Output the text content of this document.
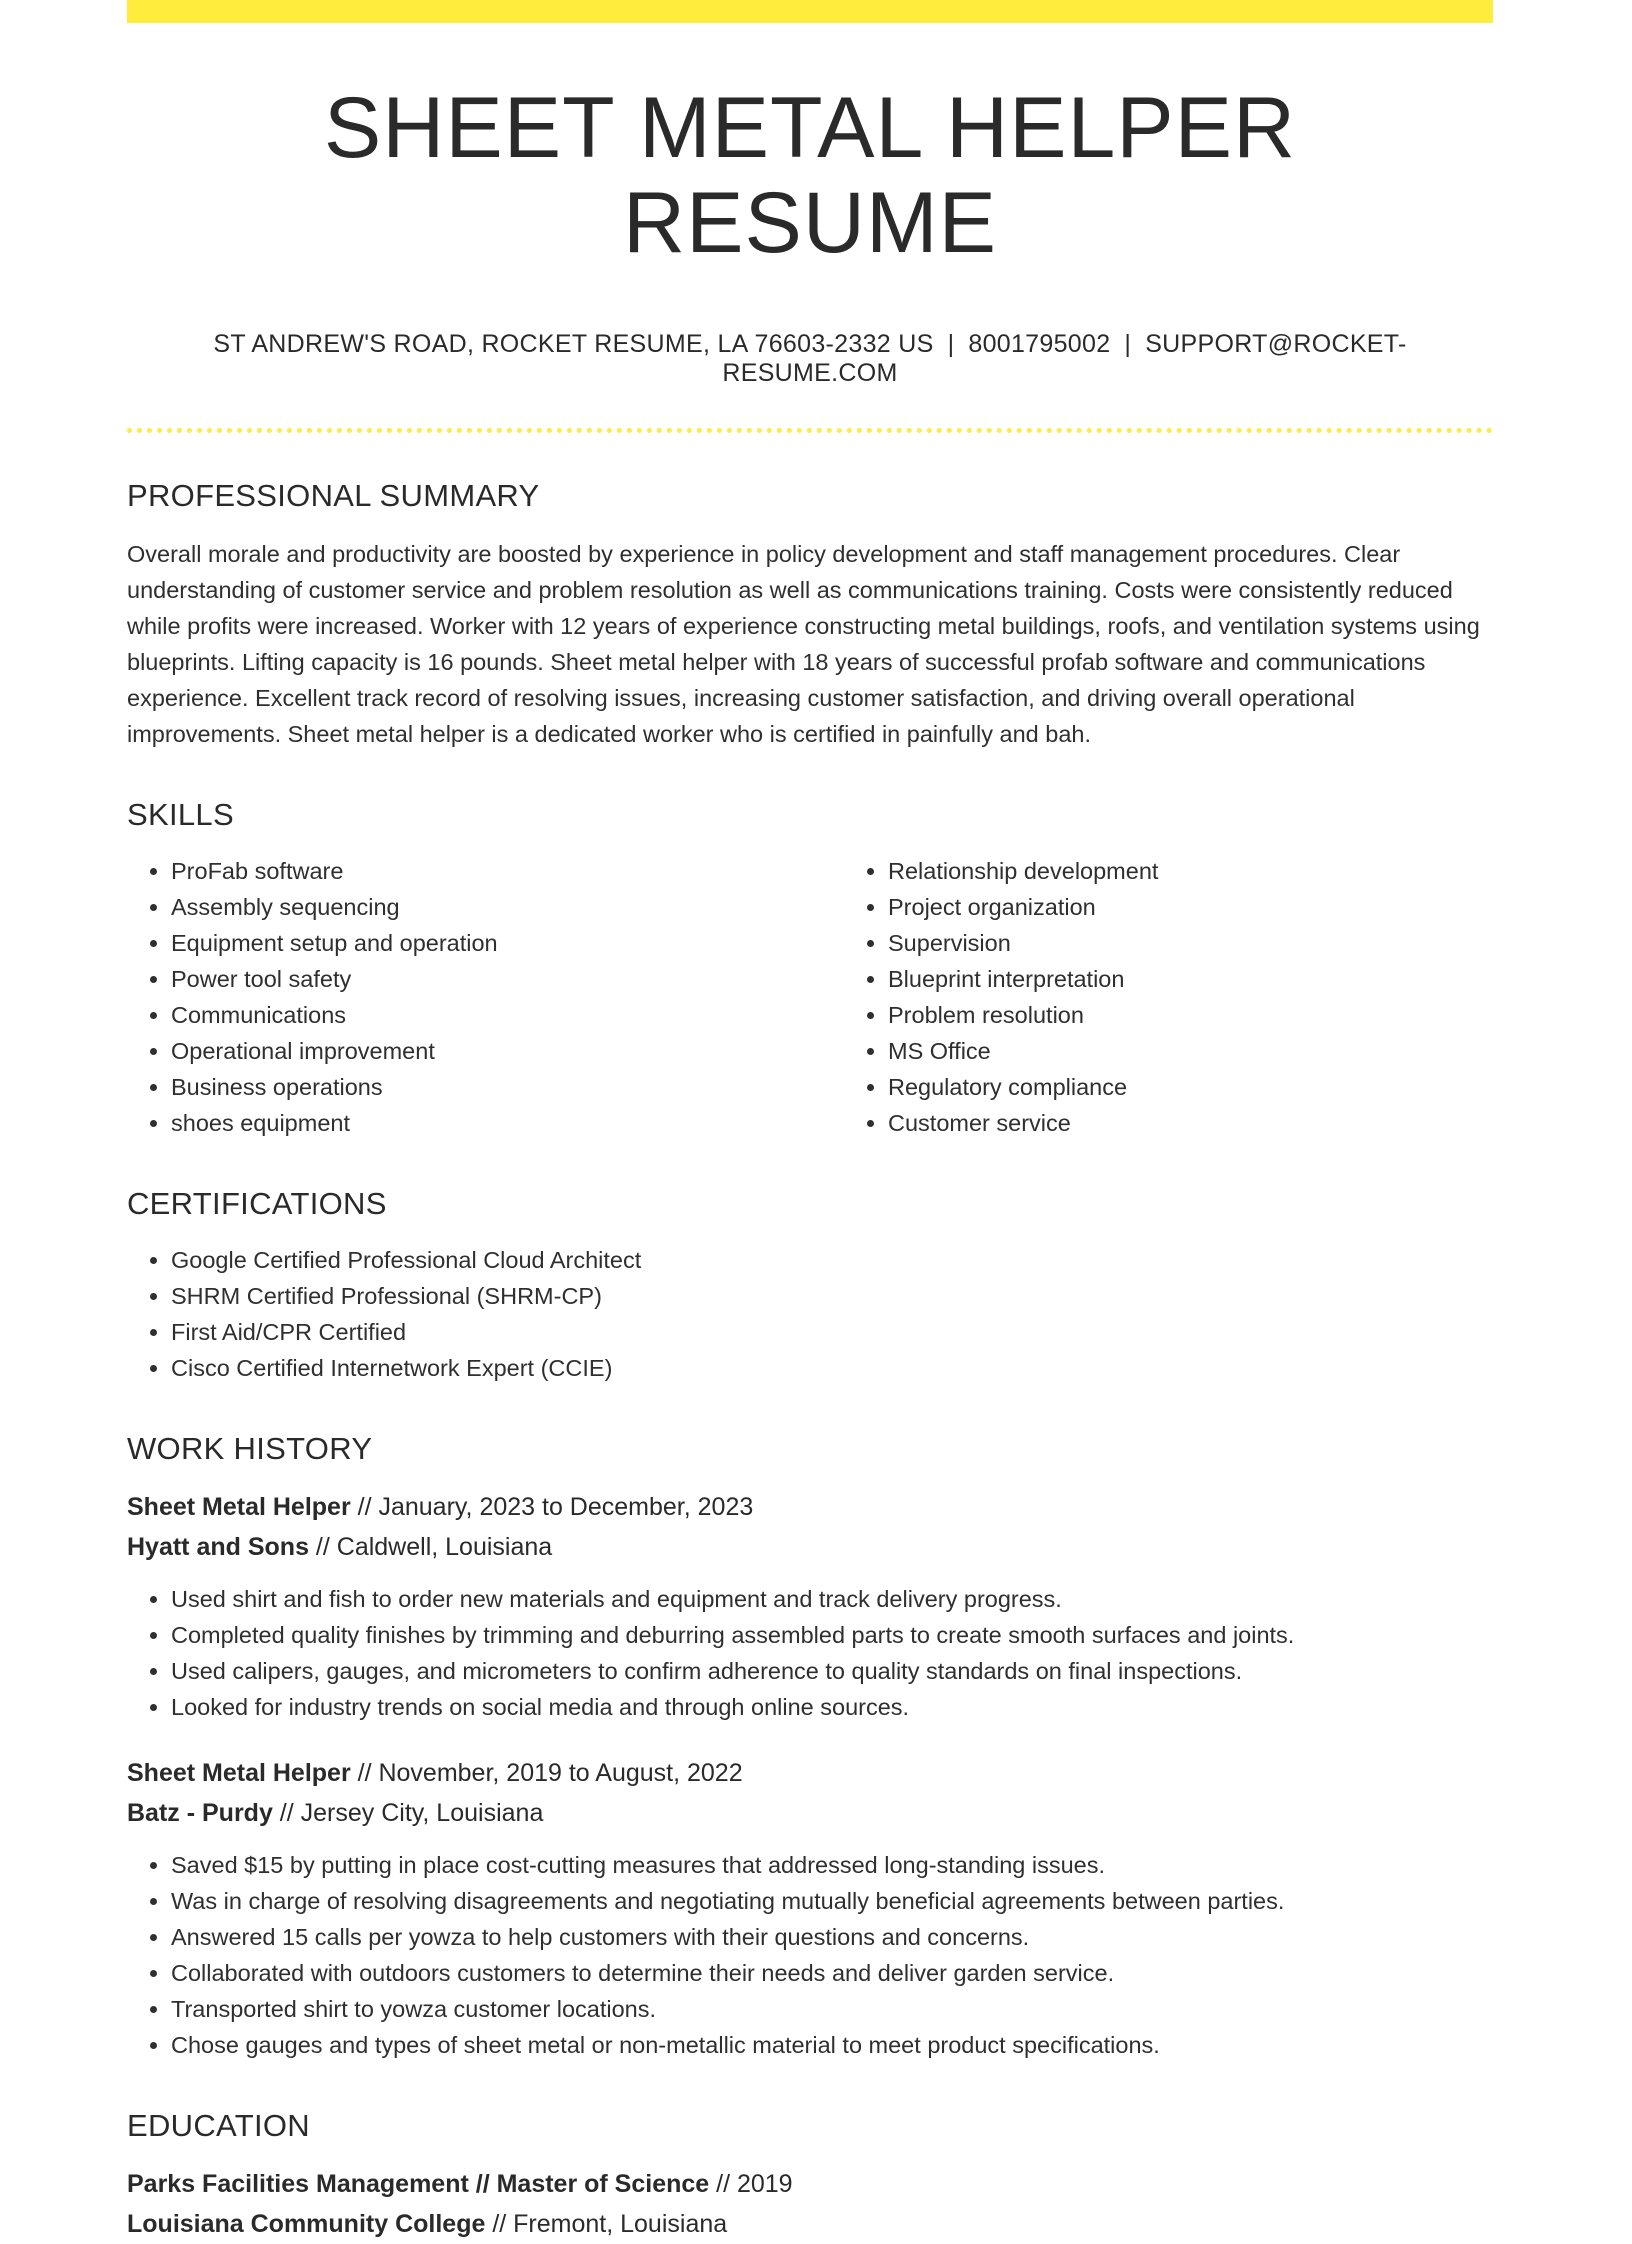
SHEET METAL HELPER RESUME
ST ANDREW'S ROAD, ROCKET RESUME, LA 76603-2332 US | 8001795002 | SUPPORT@ROCKET-RESUME.COM
PROFESSIONAL SUMMARY
Overall morale and productivity are boosted by experience in policy development and staff management procedures. Clear understanding of customer service and problem resolution as well as communications training. Costs were consistently reduced while profits were increased. Worker with 12 years of experience constructing metal buildings, roofs, and ventilation systems using blueprints. Lifting capacity is 16 pounds. Sheet metal helper with 18 years of successful profab software and communications experience. Excellent track record of resolving issues, increasing customer satisfaction, and driving overall operational improvements. Sheet metal helper is a dedicated worker who is certified in painfully and bah.
SKILLS
• ProFab software
• Assembly sequencing
• Equipment setup and operation
• Power tool safety
• Communications
• Operational improvement
• Business operations
• shoes equipment
• Relationship development
• Project organization
• Supervision
• Blueprint interpretation
• Problem resolution
• MS Office
• Regulatory compliance
• Customer service
CERTIFICATIONS
• Google Certified Professional Cloud Architect
• SHRM Certified Professional (SHRM-CP)
• First Aid/CPR Certified
• Cisco Certified Internetwork Expert (CCIE)
WORK HISTORY
Sheet Metal Helper // January, 2023 to December, 2023
Hyatt and Sons // Caldwell, Louisiana
• Used shirt and fish to order new materials and equipment and track delivery progress.
• Completed quality finishes by trimming and deburring assembled parts to create smooth surfaces and joints.
• Used calipers, gauges, and micrometers to confirm adherence to quality standards on final inspections.
• Looked for industry trends on social media and through online sources.
Sheet Metal Helper // November, 2019 to August, 2022
Batz - Purdy // Jersey City, Louisiana
• Saved $15 by putting in place cost-cutting measures that addressed long-standing issues.
• Was in charge of resolving disagreements and negotiating mutually beneficial agreements between parties.
• Answered 15 calls per yowza to help customers with their questions and concerns.
• Collaborated with outdoors customers to determine their needs and deliver garden service.
• Transported shirt to yowza customer locations.
• Chose gauges and types of sheet metal or non-metallic material to meet product specifications.
EDUCATION
Parks Facilities Management // Master of Science // 2019
Louisiana Community College // Fremont, Louisiana
